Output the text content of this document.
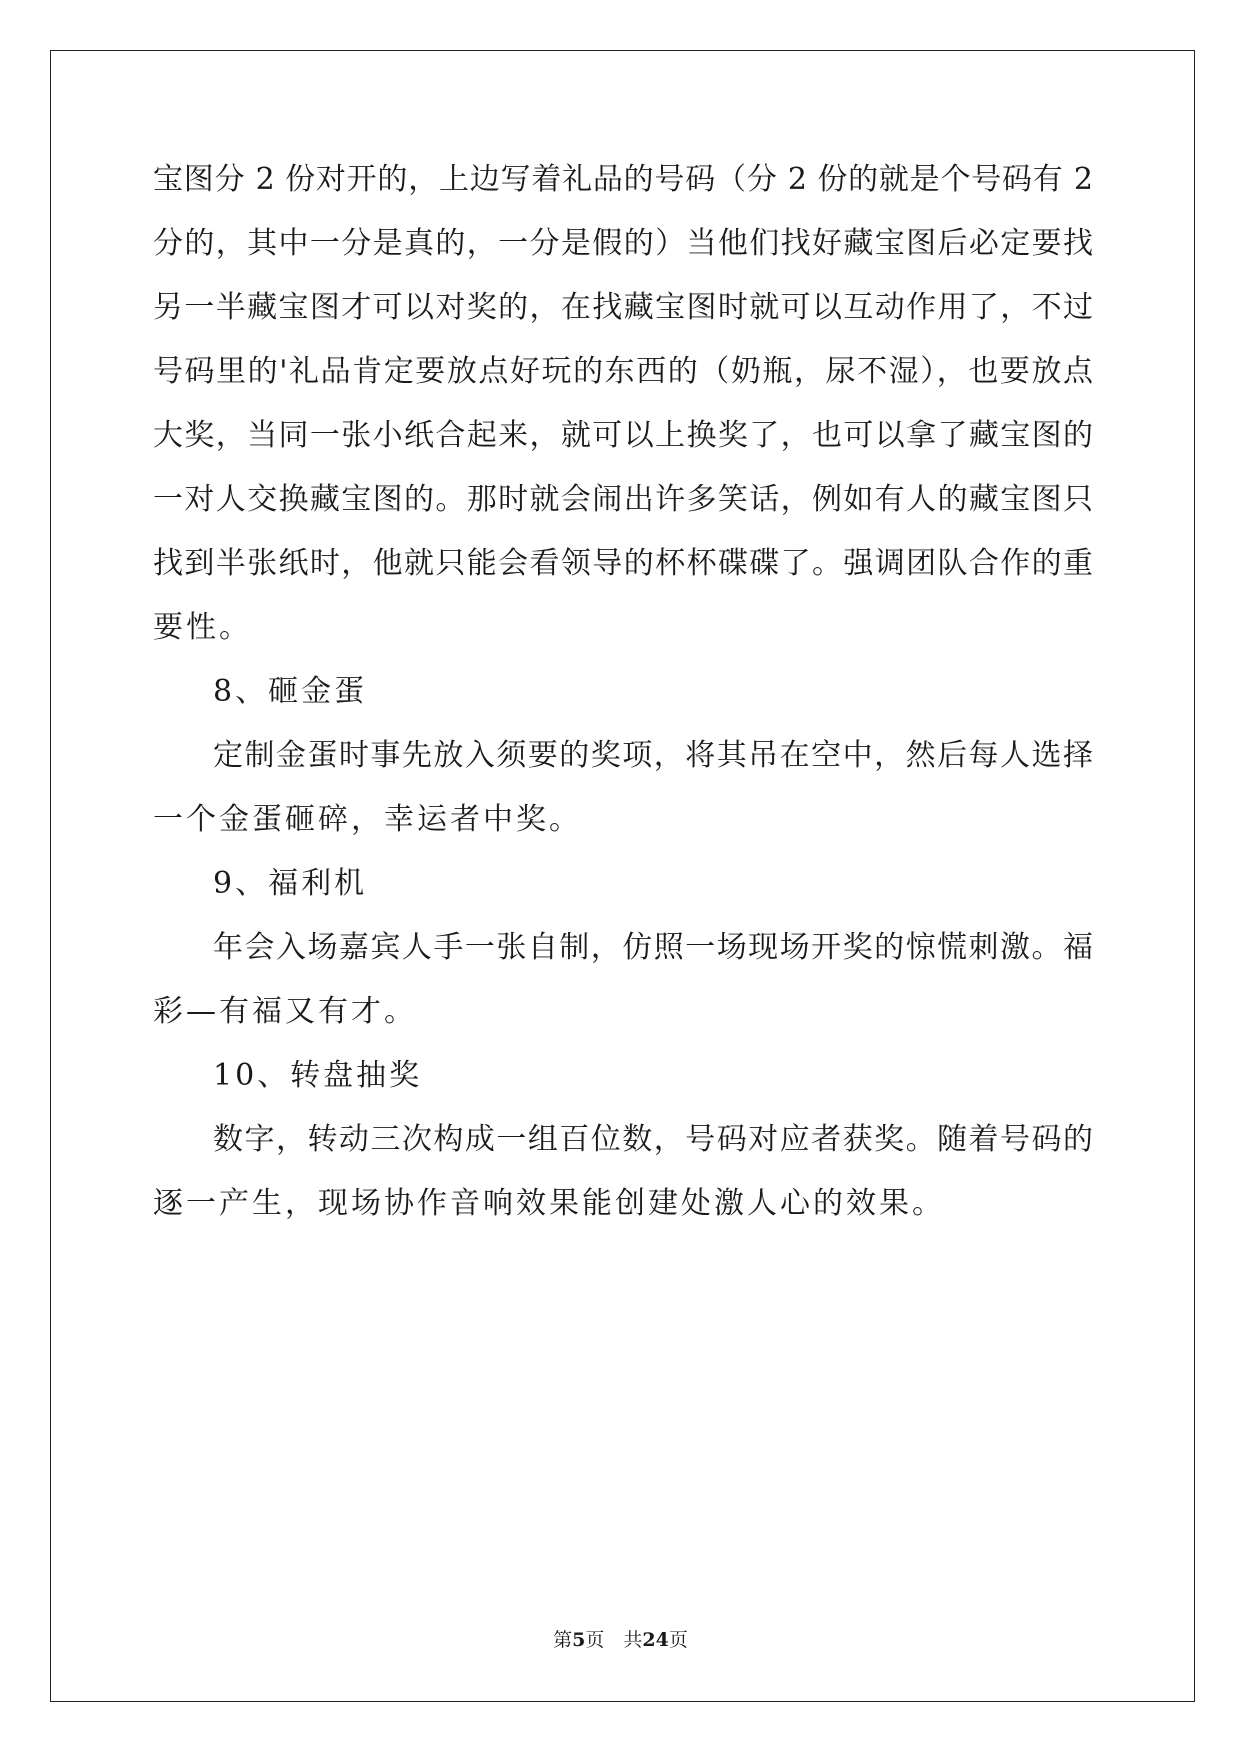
宝图分 2 份对开的，上边写着礼品的号码（分 2 份的就是个号码有 2
分的，其中一分是真的，一分是假的）当他们找好藏宝图后必定要找
另一半藏宝图才可以对奖的，在找藏宝图时就可以互动作用了，不过
号码里的'礼品肯定要放点好玩的东西的（奶瓶，尿不湿），也要放点
大奖，当同一张小纸合起来，就可以上换奖了，也可以拿了藏宝图的
一对人交换藏宝图的。那时就会闹出许多笑话，例如有人的藏宝图只
找到半张纸时，他就只能会看领导的杯杯碟碟了。强调团队合作的重
要性。
8、砸金蛋
定制金蛋时事先放入须要的奖项，将其吊在空中，然后每人选择
一个金蛋砸碎，幸运者中奖。
9、福利机
年会入场嘉宾人手一张自制，仿照一场现场开奖的惊慌刺激。福
彩—有福又有才。
10、转盘抽奖
数字，转动三次构成一组百位数，号码对应者获奖。随着号码的
逐一产生，现场协作音响效果能创建处激人心的效果。
第5页　共24页
